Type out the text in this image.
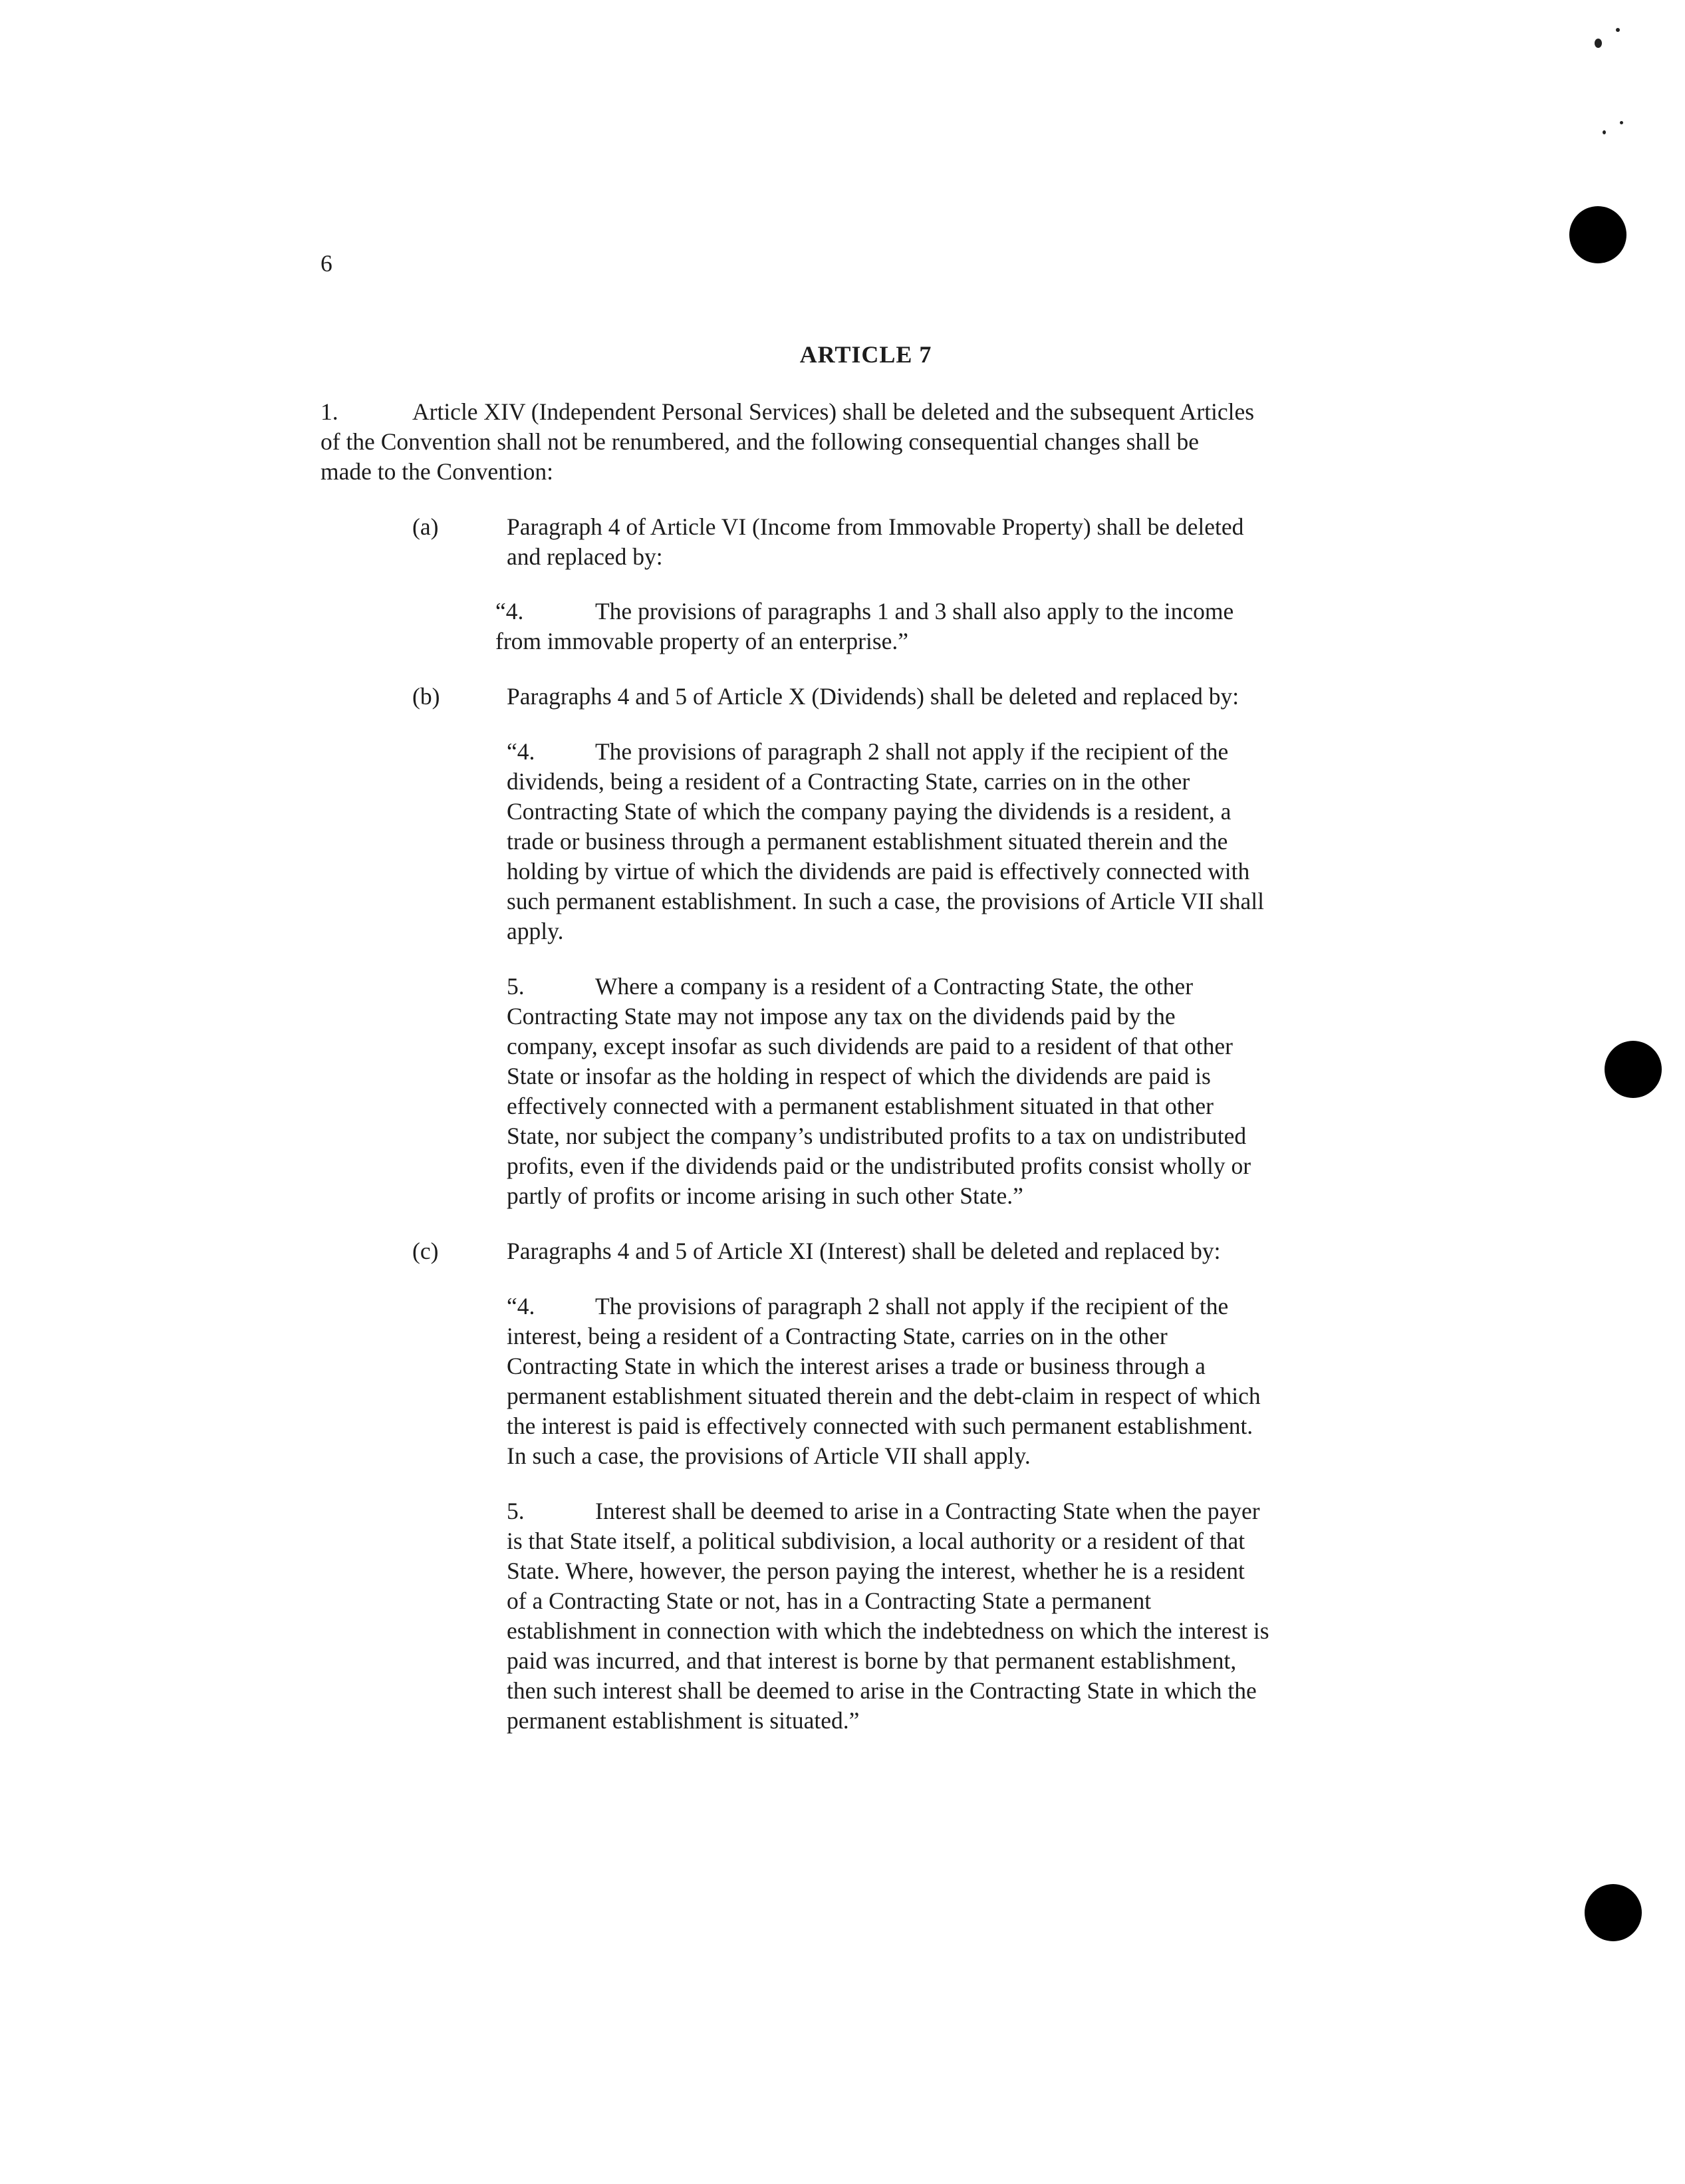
6
ARTICLE 7
1.	Article XIV (Independent Personal Services) shall be deleted and the subsequent Articles
of the Convention shall not be renumbered, and the following consequential changes shall be
made to the Convention:
(a)	Paragraph 4 of Article VI (Income from Immovable Property) shall be deleted
and replaced by:
“4.	The provisions of paragraphs 1 and 3 shall also apply to the income
from immovable property of an enterprise.”
(b)	Paragraphs 4 and 5 of Article X (Dividends) shall be deleted and replaced by:
“4.	The provisions of paragraph 2 shall not apply if the recipient of the
dividends, being a resident of a Contracting State, carries on in the other
Contracting State of which the company paying the dividends is a resident, a
trade or business through a permanent establishment situated therein and the
holding by virtue of which the dividends are paid is effectively connected with
such permanent establishment. In such a case, the provisions of Article VII shall
apply.
5.	Where a company is a resident of a Contracting State, the other
Contracting State may not impose any tax on the dividends paid by the
company, except insofar as such dividends are paid to a resident of that other
State or insofar as the holding in respect of which the dividends are paid is
effectively connected with a permanent establishment situated in that other
State, nor subject the company’s undistributed profits to a tax on undistributed
profits, even if the dividends paid or the undistributed profits consist wholly or
partly of profits or income arising in such other State.”
(c)	Paragraphs 4 and 5 of Article XI (Interest) shall be deleted and replaced by:
“4.	The provisions of paragraph 2 shall not apply if the recipient of the
interest, being a resident of a Contracting State, carries on in the other
Contracting State in which the interest arises a trade or business through a
permanent establishment situated therein and the debt-claim in respect of which
the interest is paid is effectively connected with such permanent establishment.
In such a case, the provisions of Article VII shall apply.
5.	Interest shall be deemed to arise in a Contracting State when the payer
is that State itself, a political subdivision, a local authority or a resident of that
State. Where, however, the person paying the interest, whether he is a resident
of a Contracting State or not, has in a Contracting State a permanent
establishment in connection with which the indebtedness on which the interest is
paid was incurred, and that interest is borne by that permanent establishment,
then such interest shall be deemed to arise in the Contracting State in which the
permanent establishment is situated.”
